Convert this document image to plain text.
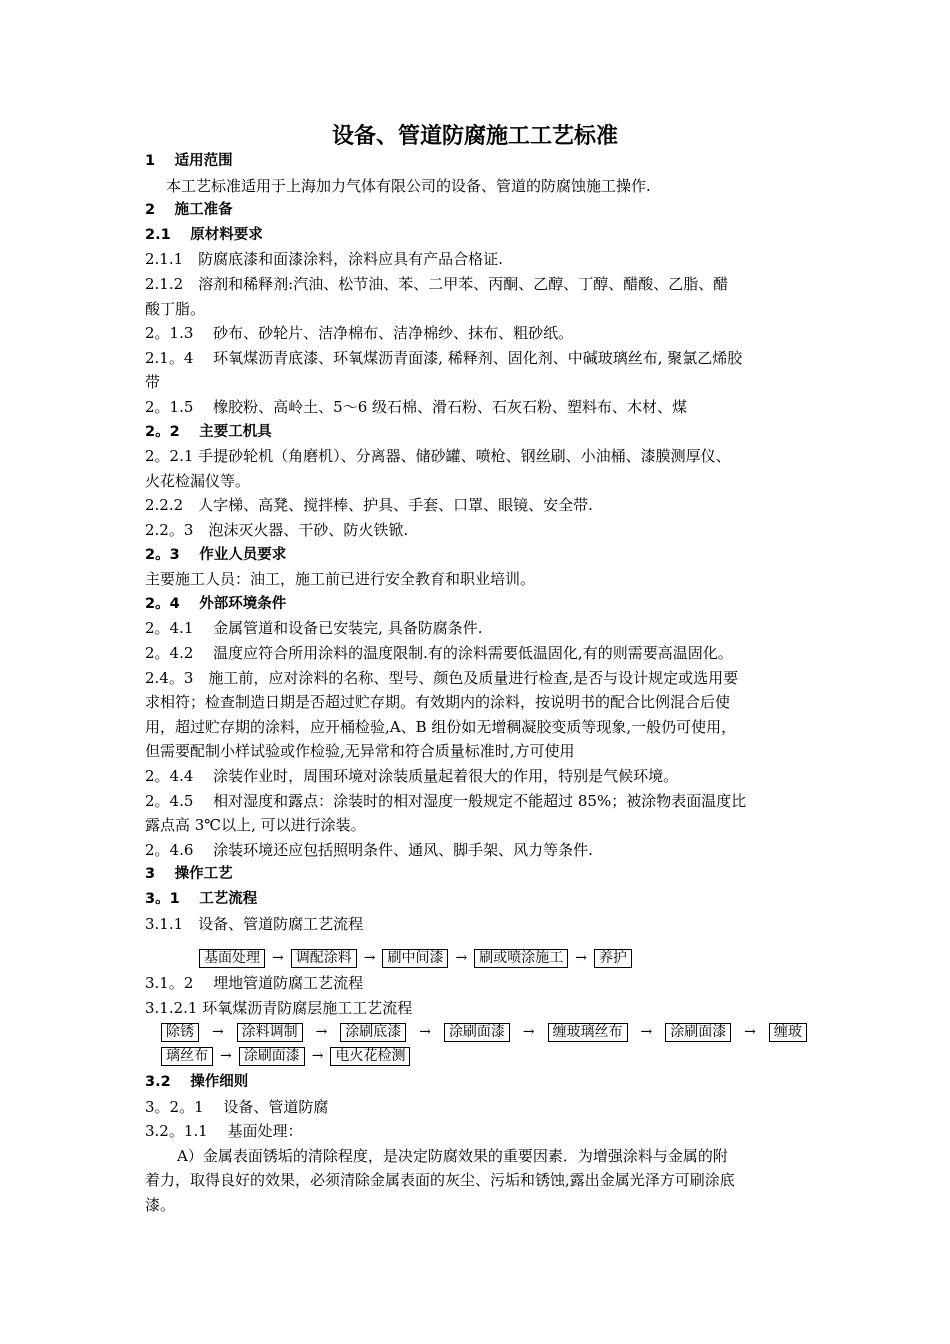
设备、管道防腐施工工艺标准
1　 适用范围
本工艺标准适用于上海加力气体有限公司的设备、管道的防腐蚀施工操作.
2　 施工准备
2.1　 原材料要求
2.1.1　防腐底漆和面漆涂料，涂料应具有产品合格证.
2.1.2　溶剂和稀释剂:汽油、松节油、苯、二甲苯、丙酮、乙醇、丁醇、醋酸、乙脂、醋
酸丁脂。
2。1.3　 砂布、砂轮片、洁净棉布、洁净棉纱、抹布、粗砂纸。
2.1。4　 环氧煤沥青底漆、环氧煤沥青面漆, 稀释剂、固化剂、中碱玻璃丝布, 聚氯乙烯胶
带
2。1.5　 橡胶粉、高岭土、5～6 级石棉、滑石粉、石灰石粉、塑料布、木材、煤
2。2　 主要工机具
2。2.1 手提砂轮机（角磨机）、分离器、储砂罐、喷枪、钢丝刷、小油桶、漆膜测厚仪、
火花检漏仪等。
2.2.2　人字梯、高凳、搅拌棒、护具、手套、口罩、眼镜、安全带.
2.2。3　泡沫灭火器、干砂、防火铁锨.
2。3　 作业人员要求
主要施工人员：油工，施工前已进行安全教育和职业培训。
2。4　 外部环境条件
2。4.1　 金属管道和设备已安装完, 具备防腐条件.
2。4.2　 温度应符合所用涂料的温度限制.有的涂料需要低温固化,有的则需要高温固化。
2.4。3　施工前，应对涂料的名称、型号、颜色及质量进行检查,是否与设计规定或选用要
求相符；检查制造日期是否超过贮存期。有效期内的涂料，按说明书的配合比例混合后使
用，超过贮存期的涂料，应开桶检验,A、B 组份如无增稠凝胶变质等现象,一般仍可使用，
但需要配制小样试验或作检验,无异常和符合质量标准时,方可使用
2。4.4　 涂装作业时，周围环境对涂装质量起着很大的作用，特别是气候环境。
2。4.5　 相对湿度和露点：涂装时的相对湿度一般规定不能超过 85%；被涂物表面温度比
露点高 3℃以上, 可以进行涂装。
2。4.6　 涂装环境还应包括照明条件、通风、脚手架、风力等条件.
3　 操作工艺
3。1　 工艺流程
3.1.1　设备、管道防腐工艺流程
基面处理 → 调配涂料 → 刷中间漆 → 刷或喷涂施工 → 养护
3.1。2　 埋地管道防腐工艺流程
3.1.2.1 环氧煤沥青防腐层施工工艺流程
除锈	→	涂料调制	→	涂刷底漆	→	涂刷面漆	→	缠玻璃丝布	→	涂刷面漆	→	缠玻
璃丝布 → 涂刷面漆 → 电火花检测
3.2　 操作细则
3。2。1　 设备、管道防腐
3.2。1.1　 基面处理：
A）金属表面锈垢的清除程度，是决定防腐效果的重要因素．为增强涂料与金属的附
着力，取得良好的效果，必须清除金属表面的灰尘、污垢和锈蚀,露出金属光泽方可刷涂底
漆。
